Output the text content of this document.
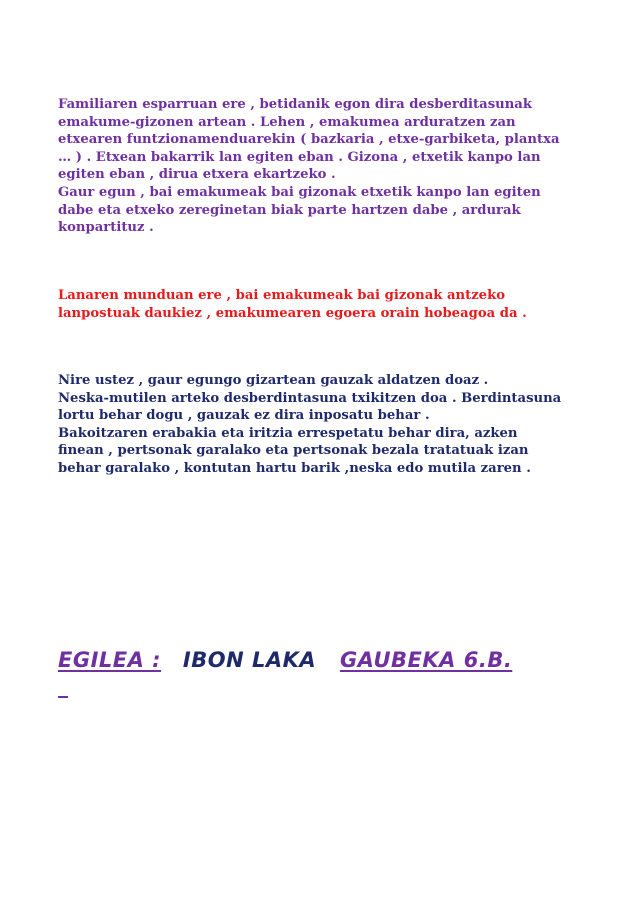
Familiaren esparruan ere , betidanik egon dira desberditasunak
emakume-gizonen artean . Lehen , emakumea arduratzen zan
etxearen funtzionamenduarekin ( bazkaria , etxe-garbiketa, plantxa
… ) . Etxean bakarrik lan egiten eban . Gizona , etxetik kanpo lan
egiten eban , dirua etxera ekartzeko .
Gaur egun , bai emakumeak bai gizonak etxetik kanpo lan egiten
dabe eta etxeko zereginetan biak parte hartzen dabe , ardurak
konpartituz .

Lanaren munduan ere , bai emakumeak bai gizonak antzeko
lanpostuak daukiez , emakumearen egoera orain hobeagoa da .

Nire ustez , gaur egungo gizartean gauzak aldatzen doaz .
Neska-mutilen arteko desberdintasuna txikitzen doa . Berdintasuna
lortu behar dogu , gauzak ez dira inposatu behar .
Bakoitzaren erabakia eta iritzia errespetatu behar dira, azken
finean , pertsonak garalako eta pertsonak bezala tratatuak izan
behar garalako , kontutan hartu barik ,neska edo mutila zaren .

EGILEA : IBON LAKA GAUBEKA 6.B.
